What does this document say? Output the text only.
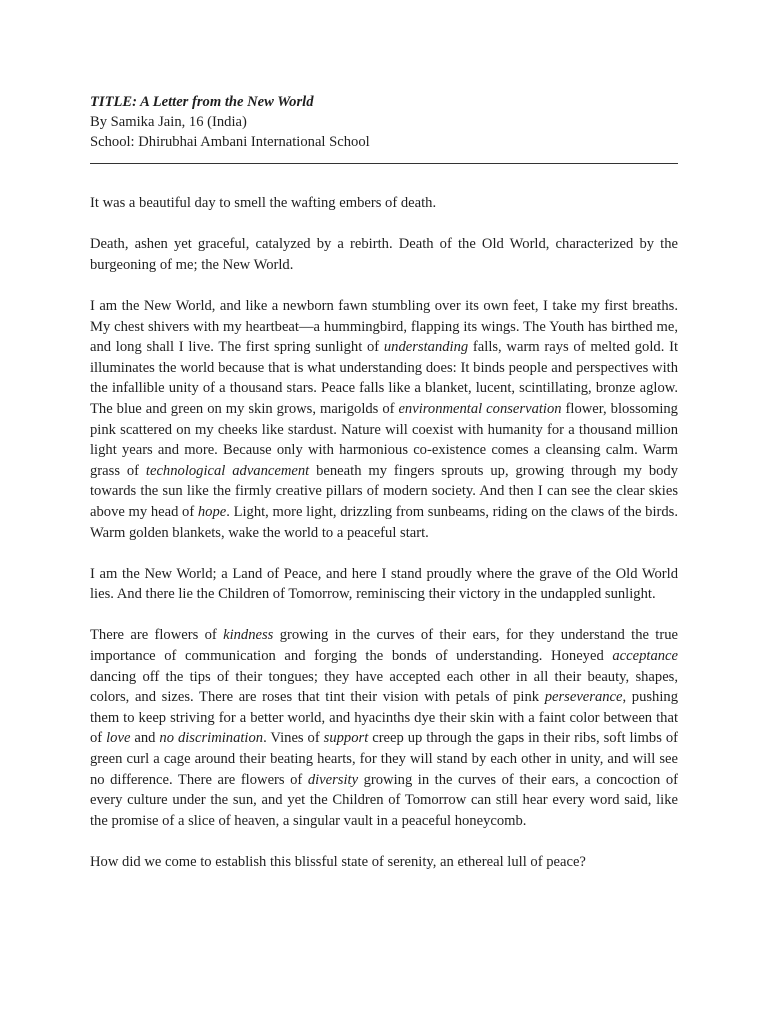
TITLE: A Letter from the New World

By Samika Jain, 16 (India)

School: Dhirubhai Ambani International School

It was a beautiful day to smell the wafting embers of death.

Death, ashen yet graceful, catalyzed by a rebirth. Death of the Old World, characterized by the burgeoning of me; the New World.

I am the New World, and like a newborn fawn stumbling over its own feet, I take my first breaths. My chest shivers with my heartbeat—a hummingbird, flapping its wings. The Youth has birthed me, and long shall I live. The first spring sunlight of understanding falls, warm rays of melted gold. It illuminates the world because that is what understanding does: It binds people and perspectives with the infallible unity of a thousand stars. Peace falls like a blanket, lucent, scintillating, bronze aglow. The blue and green on my skin grows, marigolds of environmental conservation flower, blossoming pink scattered on my cheeks like stardust. Nature will coexist with humanity for a thousand million light years and more. Because only with harmonious co-existence comes a cleansing calm. Warm grass of technological advancement beneath my fingers sprouts up, growing through my body towards the sun like the firmly creative pillars of modern society. And then I can see the clear skies above my head of hope. Light, more light, drizzling from sunbeams, riding on the claws of the birds. Warm golden blankets, wake the world to a peaceful start.

I am the New World; a Land of Peace, and here I stand proudly where the grave of the Old World lies. And there lie the Children of Tomorrow, reminiscing their victory in the undappled sunlight.

There are flowers of kindness growing in the curves of their ears, for they understand the true importance of communication and forging the bonds of understanding. Honeyed acceptance dancing off the tips of their tongues; they have accepted each other in all their beauty, shapes, colors, and sizes. There are roses that tint their vision with petals of pink perseverance, pushing them to keep striving for a better world, and hyacinths dye their skin with a faint color between that of love and no discrimination. Vines of support creep up through the gaps in their ribs, soft limbs of green curl a cage around their beating hearts, for they will stand by each other in unity, and will see no difference. There are flowers of diversity growing in the curves of their ears, a concoction of every culture under the sun, and yet the Children of Tomorrow can still hear every word said, like the promise of a slice of heaven, a singular vault in a peaceful honeycomb.

How did we come to establish this blissful state of serenity, an ethereal lull of peace?
